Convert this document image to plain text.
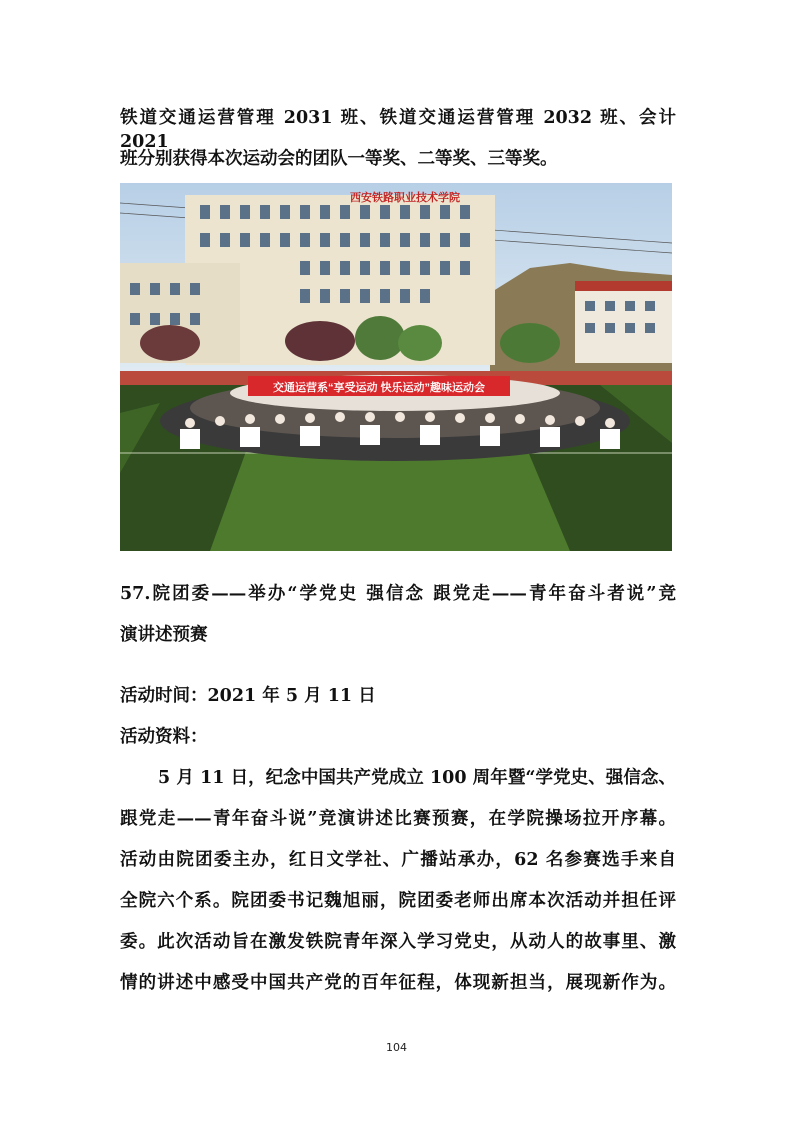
铁道交通运营管理 2031 班、铁道交通运营管理 2032 班、会计 2021
班分别获得本次运动会的团队一等奖、二等奖、三等奖。
西安铁路职业技术学院
交通运营系“享受运动 快乐运动”趣味运动会
57.院团委——举办“学党史 强信念 跟党走——青年奋斗者说”竞
演讲述预赛
活动时间：2021 年 5 月 11 日
活动资料：
5 月 11 日，纪念中国共产党成立 100 周年暨“学党史、强信念、
跟党走——青年奋斗说”竞演讲述比赛预赛，在学院操场拉开序幕。
活动由院团委主办，红日文学社、广播站承办，62 名参赛选手来自
全院六个系。院团委书记魏旭丽，院团委老师出席本次活动并担任评
委。此次活动旨在激发铁院青年深入学习党史，从动人的故事里、激
情的讲述中感受中国共产党的百年征程，体现新担当，展现新作为。
104
